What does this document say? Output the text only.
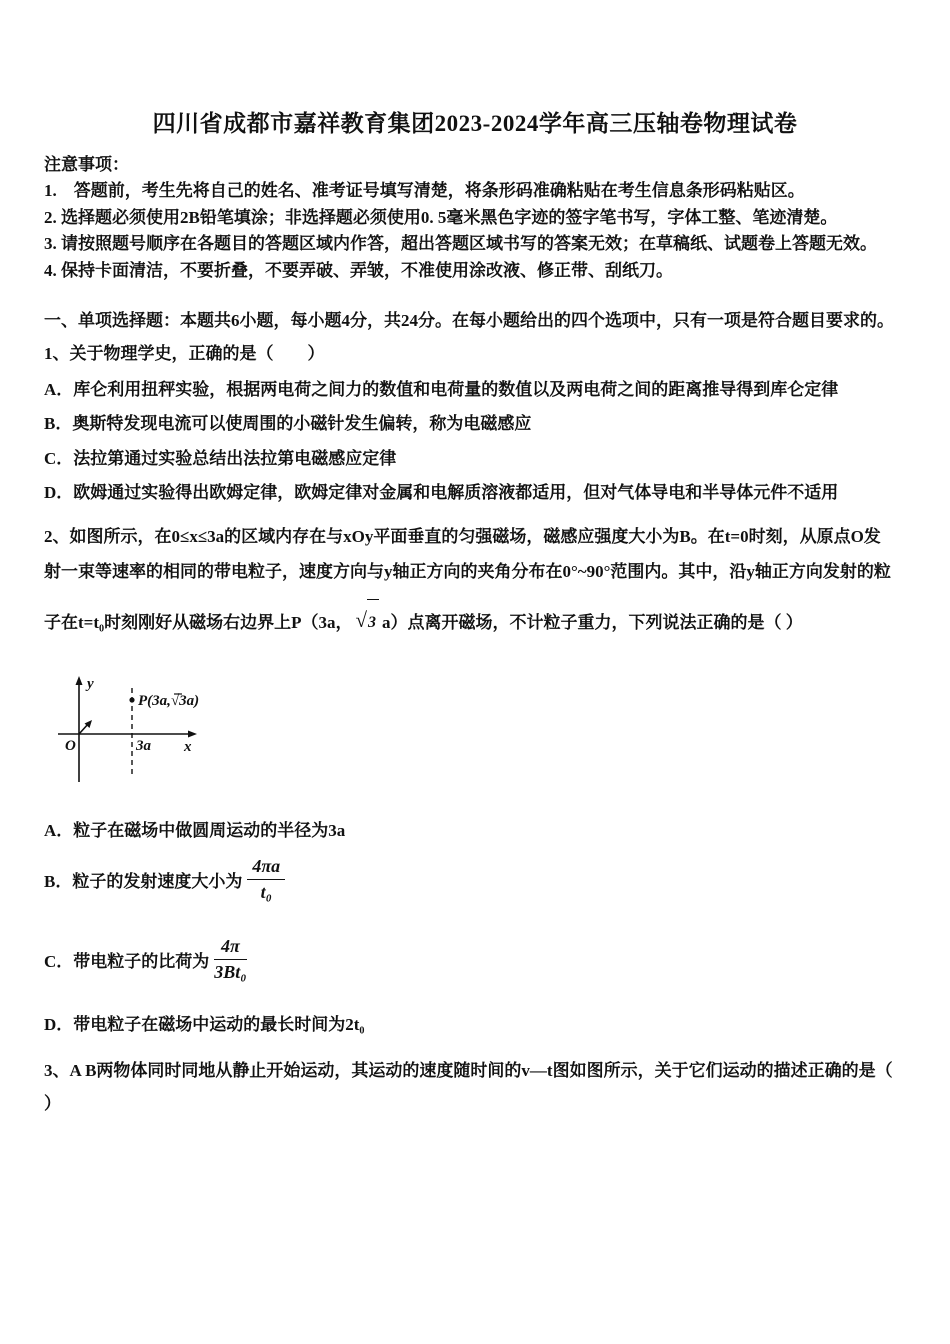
四川省成都市嘉祥教育集团2023-2024学年高三压轴卷物理试卷

注意事项：

1.　答题前，考生先将自己的姓名、准考证号填写清楚，将条形码准确粘贴在考生信息条形码粘贴区。

2. 选择题必须使用2B铅笔填涂；非选择题必须使用0. 5毫米黑色字迹的签字笔书写，字体工整、笔迹清楚。

3. 请按照题号顺序在各题目的答题区域内作答，超出答题区域书写的答案无效；在草稿纸、试题卷上答题无效。

4. 保持卡面清洁，不要折叠，不要弄破、弄皱，不准使用涂改液、修正带、刮纸刀。

一、单项选择题：本题共6小题，每小题4分，共24分。在每小题给出的四个选项中，只有一项是符合题目要求的。
1、关于物理学史，正确的是（　　）
A．库仑利用扭秤实验，根据两电荷之间力的数值和电荷量的数值以及两电荷之间的距离推导得到库仑定律
B．奥斯特发现电流可以使周围的小磁针发生偏转，称为电磁感应
C．法拉第通过实验总结出法拉第电磁感应定律
D．欧姆通过实验得出欧姆定律，欧姆定律对金属和电解质溶液都适用，但对气体导电和半导体元件不适用

2、如图所示，在0≤x≤3a的区域内存在与xOy平面垂直的匀强磁场，磁感应强度大小为B。在t=0时刻，从原点O发

射一束等速率的相同的带电粒子，速度方向与y轴正方向的夹角分布在0°~90°范围内。其中，沿y轴正方向发射的粒

子在t=t₀时刻刚好从磁场右边界上P（3a， √3 a）点离开磁场，不计粒子重力，下列说法正确的是（ ）

y
x
O	3a
P(3a,√3a)
A．粒子在磁场中做圆周运动的半径为3a
B．粒子的发射速度大小为 $\frac{4\pi a}{\text{t₀}}$
C．带电粒子的比荷为 $\frac{4\pi}{\text{3Bt₀}}$
D．带电粒子在磁场中运动的最长时间为2t₀
3、A B两物体同时同地从静止开始运动，其运动的速度随时间的v—t图如图所示，关于它们运动的描述正确的是（
）
